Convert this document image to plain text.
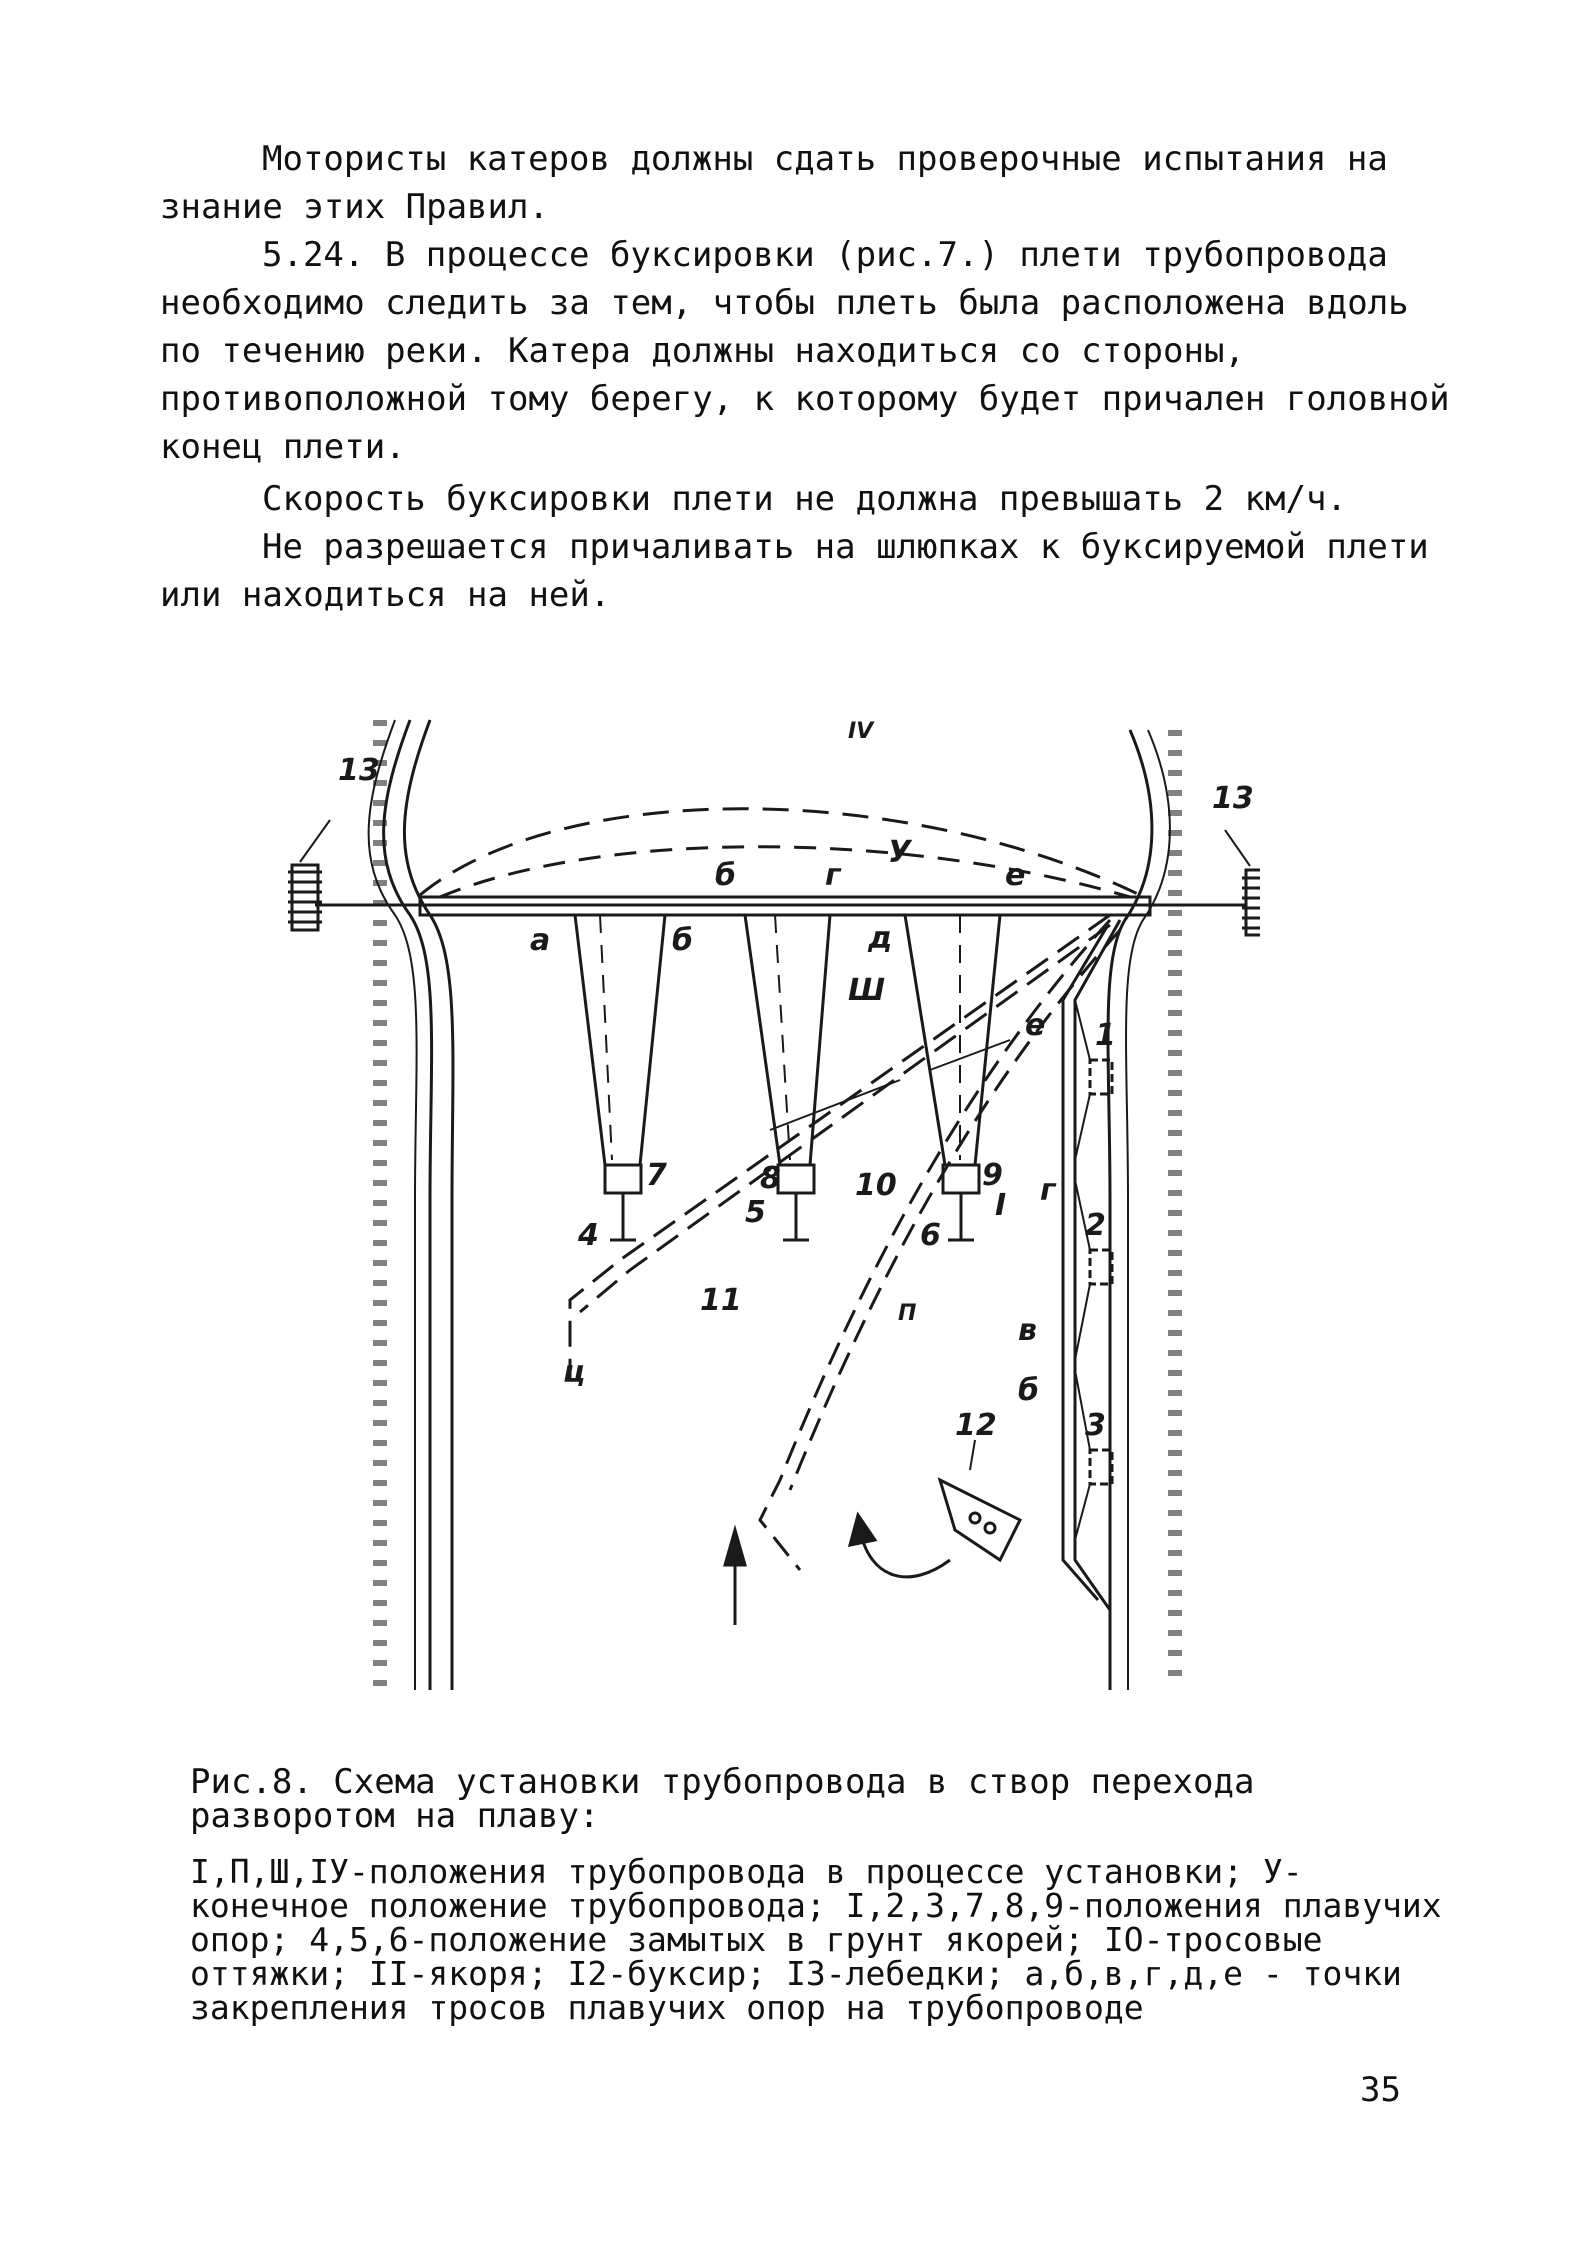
Мотористы катеров должны сдать проверочные испытания на знание этих Правил.

5.24. В процессе буксировки (рис.7.) плети трубопровода необходимо следить за тем, чтобы плеть была расположена вдоль по течению реки. Катера должны находиться со стороны, противоположной тому берегу, к которому будет причален головной конец плети.

Скорость буксировки плети не должна превышать 2 км/ч.

Не разрешается причаливать на шлюпках к буксируемой плети или находиться на ней.

13
13
IV
У
Ш
П
I
ц
а	б
б	г
д
е
е
г
в
б
1
2
3
7	8	9
4
5
6
10
11
12

Рис.8. Схема установки трубопровода в створ перехода разворотом на плаву:

I,П,Ш,IУ-положения трубопровода в процессе установки; У-конечное положение трубопровода; I,2,3,7,8,9-положения плавучих опор; 4,5,6-положение замытых в грунт якорей; IO-тросовые оттяжки; II-якоря; I2-буксир; I3-лебедки; а,б,в,г,д,е - точки закрепления тросов плавучих опор на трубопроводе

35
